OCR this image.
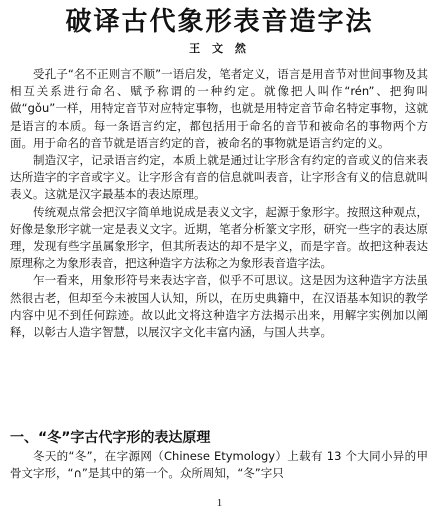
破译古代象形表音造字法
王 文 然

受孔子“名不正则言不顺”一语启发，笔者定义，语言是用音节对世间事物及其相互关系进行命名、赋予称谓的一种约定。就像把人叫作“rén”、把狗叫做“gǒu”一样，用特定音节对应特定事物，也就是用特定音节命名特定事物，这就是语言的本质。每一条语言约定，都包括用于命名的音节和被命名的事物两个方面。用于命名的音节就是语言约定的音，被命名的事物就是语言约定的义。

制造汉字，记录语言约定，本质上就是通过让字形含有约定的音或义的信来表达所造字的字音或字义。让字形含有音的信息就叫表音，让字形含有义的信息就叫表义。这就是汉字最基本的表达原理。

传统观点常会把汉字简单地说成是表义文字，起源于象形字。按照这种观点，好像是象形字就一定是表义文字。近期，笔者分析篆文字形，研究一些字的表达原理，发现有些字虽属象形字，但其所表达的却不是字义，而是字音。故把这种表达原理称之为象形表音，把这种造字方法称之为象形表音造字法。

乍一看来，用象形符号来表达字音，似乎不可思议。这是因为这种造字方法虽然很古老，但却至今未被国人认知，所以，在历史典籍中，在汉语基本知识的教学内容中见不到任何踪迹。故以此文将这种造字方法揭示出来，用解字实例加以阐释，以彰古人造字智慧，以展汉字文化丰富内涵，与国人共享。

一、“冬”字古代字形的表达原理

冬天的“冬”，在字源网（Chinese Etymology）上载有 13 个大同小异的甲骨文字形，“∩”是其中的第一个。众所周知，“冬”字只

1
